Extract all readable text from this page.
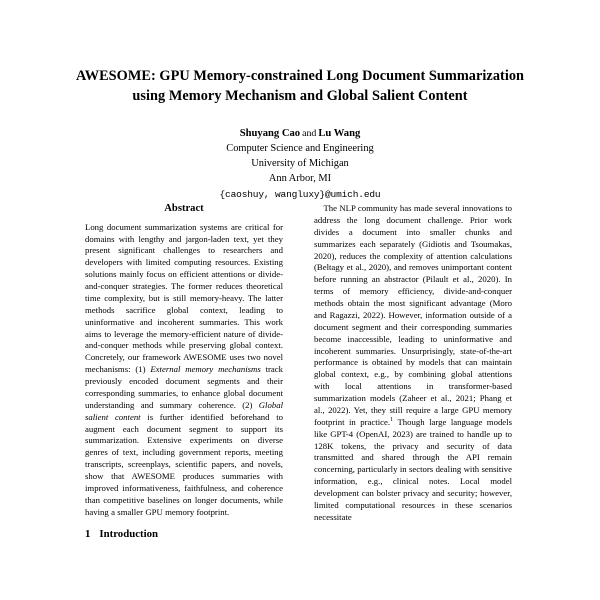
AWESOME: GPU Memory-constrained Long Document Summarization
using Memory Mechanism and Global Salient Content
Shuyang Cao and Lu Wang
Computer Science and Engineering
University of Michigan
Ann Arbor, MI
{caoshuy, wangluxy}@umich.edu
Abstract

Long document summarization systems are critical for domains with lengthy and jargon-laden text, yet they present significant challenges to researchers and developers with limited computing resources. Existing solutions mainly focus on efficient attentions or divide-and-conquer strategies. The former reduces theoretical time complexity, but is still memory-heavy. The latter methods sacrifice global context, leading to uninformative and incoherent summaries. This work aims to leverage the memory-efficient nature of divide-and-conquer methods while preserving global context. Concretely, our framework AWESOME uses two novel mechanisms: (1) External memory mechanisms track previously encoded document segments and their corresponding summaries, to enhance global document understanding and summary coherence. (2) Global salient content is further identified beforehand to augment each document segment to support its summarization. Extensive experiments on diverse genres of text, including government reports, meeting transcripts, screenplays, scientific papers, and novels, show that AWESOME produces summaries with improved informativeness, faithfulness, and coherence than competitive baselines on longer documents, while having a smaller GPU memory footprint.

1 Introduction

The NLP community has made several innovations to address the long document challenge. Prior work divides a document into smaller chunks and summarizes each separately (Gidiotis and Tsoumakas, 2020), reduces the complexity of attention calculations (Beltagy et al., 2020), and removes unimportant content before running an abstractor (Pilault et al., 2020). In terms of memory efficiency, divide-and-conquer methods obtain the most significant advantage (Moro and Ragazzi, 2022). However, information outside of a document segment and their corresponding summaries become inaccessible, leading to uninformative and incoherent summaries. Unsurprisingly, state-of-the-art performance is obtained by models that can maintain global context, e.g., by combining global attentions with local attentions in transformer-based summarization models (Zaheer et al., 2021; Phang et al., 2022). Yet, they still require a large GPU memory footprint in practice.$^1$ Though large language models like GPT-4 (OpenAI, 2023) are trained to handle up to 128K tokens, the privacy and security of data transmitted and shared through the API remain concerning, particularly in sectors dealing with sensitive information, e.g., clinical notes. Local model development can bolster privacy and security; however, limited computational resources in these scenarios necessitate
